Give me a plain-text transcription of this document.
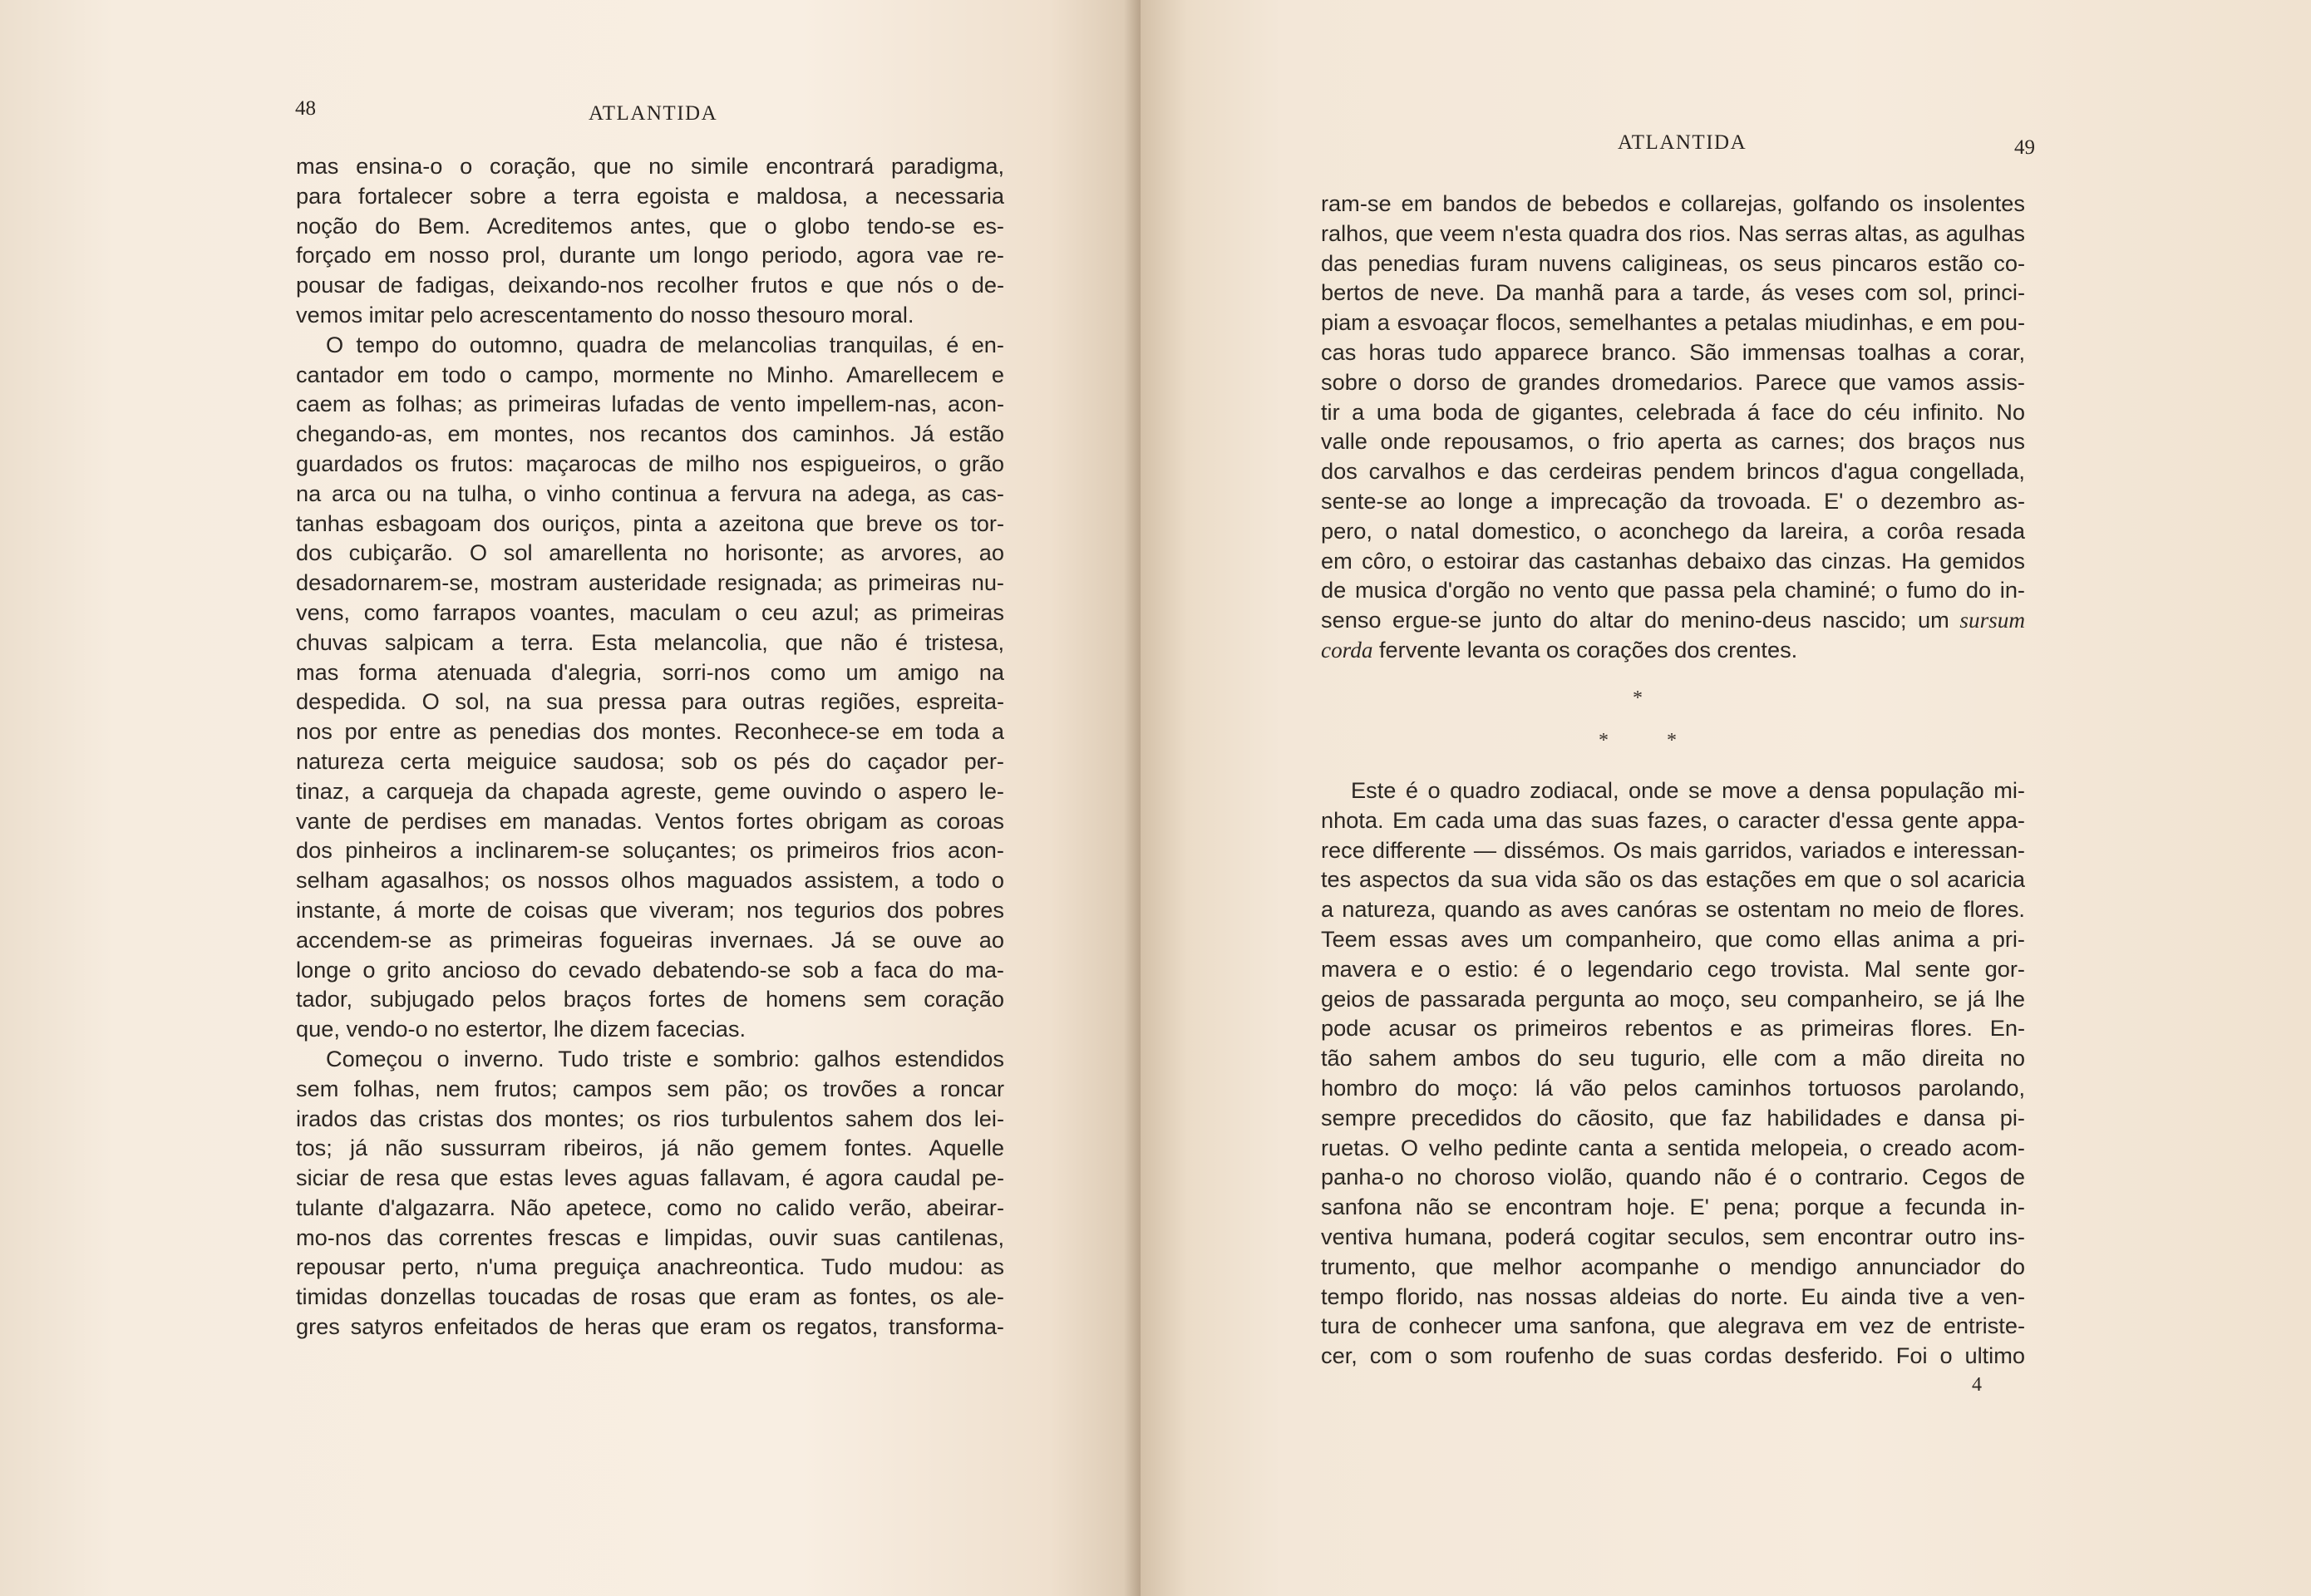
48	ATLANTIDA
mas ensina-o o coração, que no simile encontrará paradigma,
para fortalecer sobre a terra egoista e maldosa, a necessaria
noção do Bem. Acreditemos antes, que o globo tendo-se es-
forçado em nosso prol, durante um longo periodo, agora vae re-
pousar de fadigas, deixando-nos recolher frutos e que nós o de-
vemos imitar pelo acrescentamento do nosso thesouro moral.
O tempo do outomno, quadra de melancolias tranquilas, é en-
cantador em todo o campo, mormente no Minho. Amarellecem e
caem as folhas; as primeiras lufadas de vento impellem-nas, acon-
chegando-as, em montes, nos recantos dos caminhos. Já estão
guardados os frutos: maçarocas de milho nos espigueiros, o grão
na arca ou na tulha, o vinho continua a fervura na adega, as cas-
tanhas esbagoam dos ouriços, pinta a azeitona que breve os tor-
dos cubiçarão. O sol amarellenta no horisonte; as arvores, ao
desadornarem-se, mostram austeridade resignada; as primeiras nu-
vens, como farrapos voantes, maculam o ceu azul; as primeiras
chuvas salpicam a terra. Esta melancolia, que não é tristesa,
mas forma atenuada d'alegria, sorri-nos como um amigo na
despedida. O sol, na sua pressa para outras regiões, espreita-
nos por entre as penedias dos montes. Reconhece-se em toda a
natureza certa meiguice saudosa; sob os pés do caçador per-
tinaz, a carqueja da chapada agreste, geme ouvindo o aspero le-
vante de perdises em manadas. Ventos fortes obrigam as coroas
dos pinheiros a inclinarem-se soluçantes; os primeiros frios acon-
selham agasalhos; os nossos olhos maguados assistem, a todo o
instante, á morte de coisas que viveram; nos tegurios dos pobres
accendem-se as primeiras fogueiras invernaes. Já se ouve ao
longe o grito ancioso do cevado debatendo-se sob a faca do ma-
tador, subjugado pelos braços fortes de homens sem coração
que, vendo-o no estertor, lhe dizem facecias.
Começou o inverno. Tudo triste e sombrio: galhos estendidos
sem folhas, nem frutos; campos sem pão; os trovões a roncar
irados das cristas dos montes; os rios turbulentos sahem dos lei-
tos; já não sussurram ribeiros, já não gemem fontes. Aquelle
siciar de resa que estas leves aguas fallavam, é agora caudal pe-
tulante d'algazarra. Não apetece, como no calido verão, abeirar-
mo-nos das correntes frescas e limpidas, ouvir suas cantilenas,
repousar perto, n'uma preguiça anachreontica. Tudo mudou: as
timidas donzellas toucadas de rosas que eram as fontes, os ale-
gres satyros enfeitados de heras que eram os regatos, transforma-
ATLANTIDA	49
ram-se em bandos de bebedos e collarejas, golfando os insolentes
ralhos, que veem n'esta quadra dos rios. Nas serras altas, as agulhas
das penedias furam nuvens caligineas, os seus pincaros estão co-
bertos de neve. Da manhã para a tarde, ás veses com sol, princi-
piam a esvoaçar flocos, semelhantes a petalas miudinhas, e em pou-
cas horas tudo apparece branco. São immensas toalhas a corar,
sobre o dorso de grandes dromedarios. Parece que vamos assis-
tir a uma boda de gigantes, celebrada á face do céu infinito. No
valle onde repousamos, o frio aperta as carnes; dos braços nus
dos carvalhos e das cerdeiras pendem brincos d'agua congellada,
sente-se ao longe a imprecação da trovoada. E' o dezembro as-
pero, o natal domestico, o aconchego da lareira, a corôa resada
em côro, o estoirar das castanhas debaixo das cinzas. Ha gemidos
de musica d'orgão no vento que passa pela chaminé; o fumo do in-
senso ergue-se junto do altar do menino-deus nascido; um sursum
corda fervente levanta os corações dos crentes.
*
*	*
Este é o quadro zodiacal, onde se move a densa população mi-
nhota. Em cada uma das suas fazes, o caracter d'essa gente appa-
rece differente — dissémos. Os mais garridos, variados e interessan-
tes aspectos da sua vida são os das estações em que o sol acaricia
a natureza, quando as aves canóras se ostentam no meio de flores.
Teem essas aves um companheiro, que como ellas anima a pri-
mavera e o estio: é o legendario cego trovista. Mal sente gor-
geios de passarada pergunta ao moço, seu companheiro, se já lhe
pode acusar os primeiros rebentos e as primeiras flores. En-
tão sahem ambos do seu tugurio, elle com a mão direita no
hombro do moço: lá vão pelos caminhos tortuosos parolando,
sempre precedidos do cãosito, que faz habilidades e dansa pi-
ruetas. O velho pedinte canta a sentida melopeia, o creado acom-
panha-o no choroso violão, quando não é o contrario. Cegos de
sanfona não se encontram hoje. E' pena; porque a fecunda in-
ventiva humana, poderá cogitar seculos, sem encontrar outro ins-
trumento, que melhor acompanhe o mendigo annunciador do
tempo florido, nas nossas aldeias do norte. Eu ainda tive a ven-
tura de conhecer uma sanfona, que alegrava em vez de entristе-
cer, com o som roufenho de suas cordas desferido. Foi o ultimo
4
